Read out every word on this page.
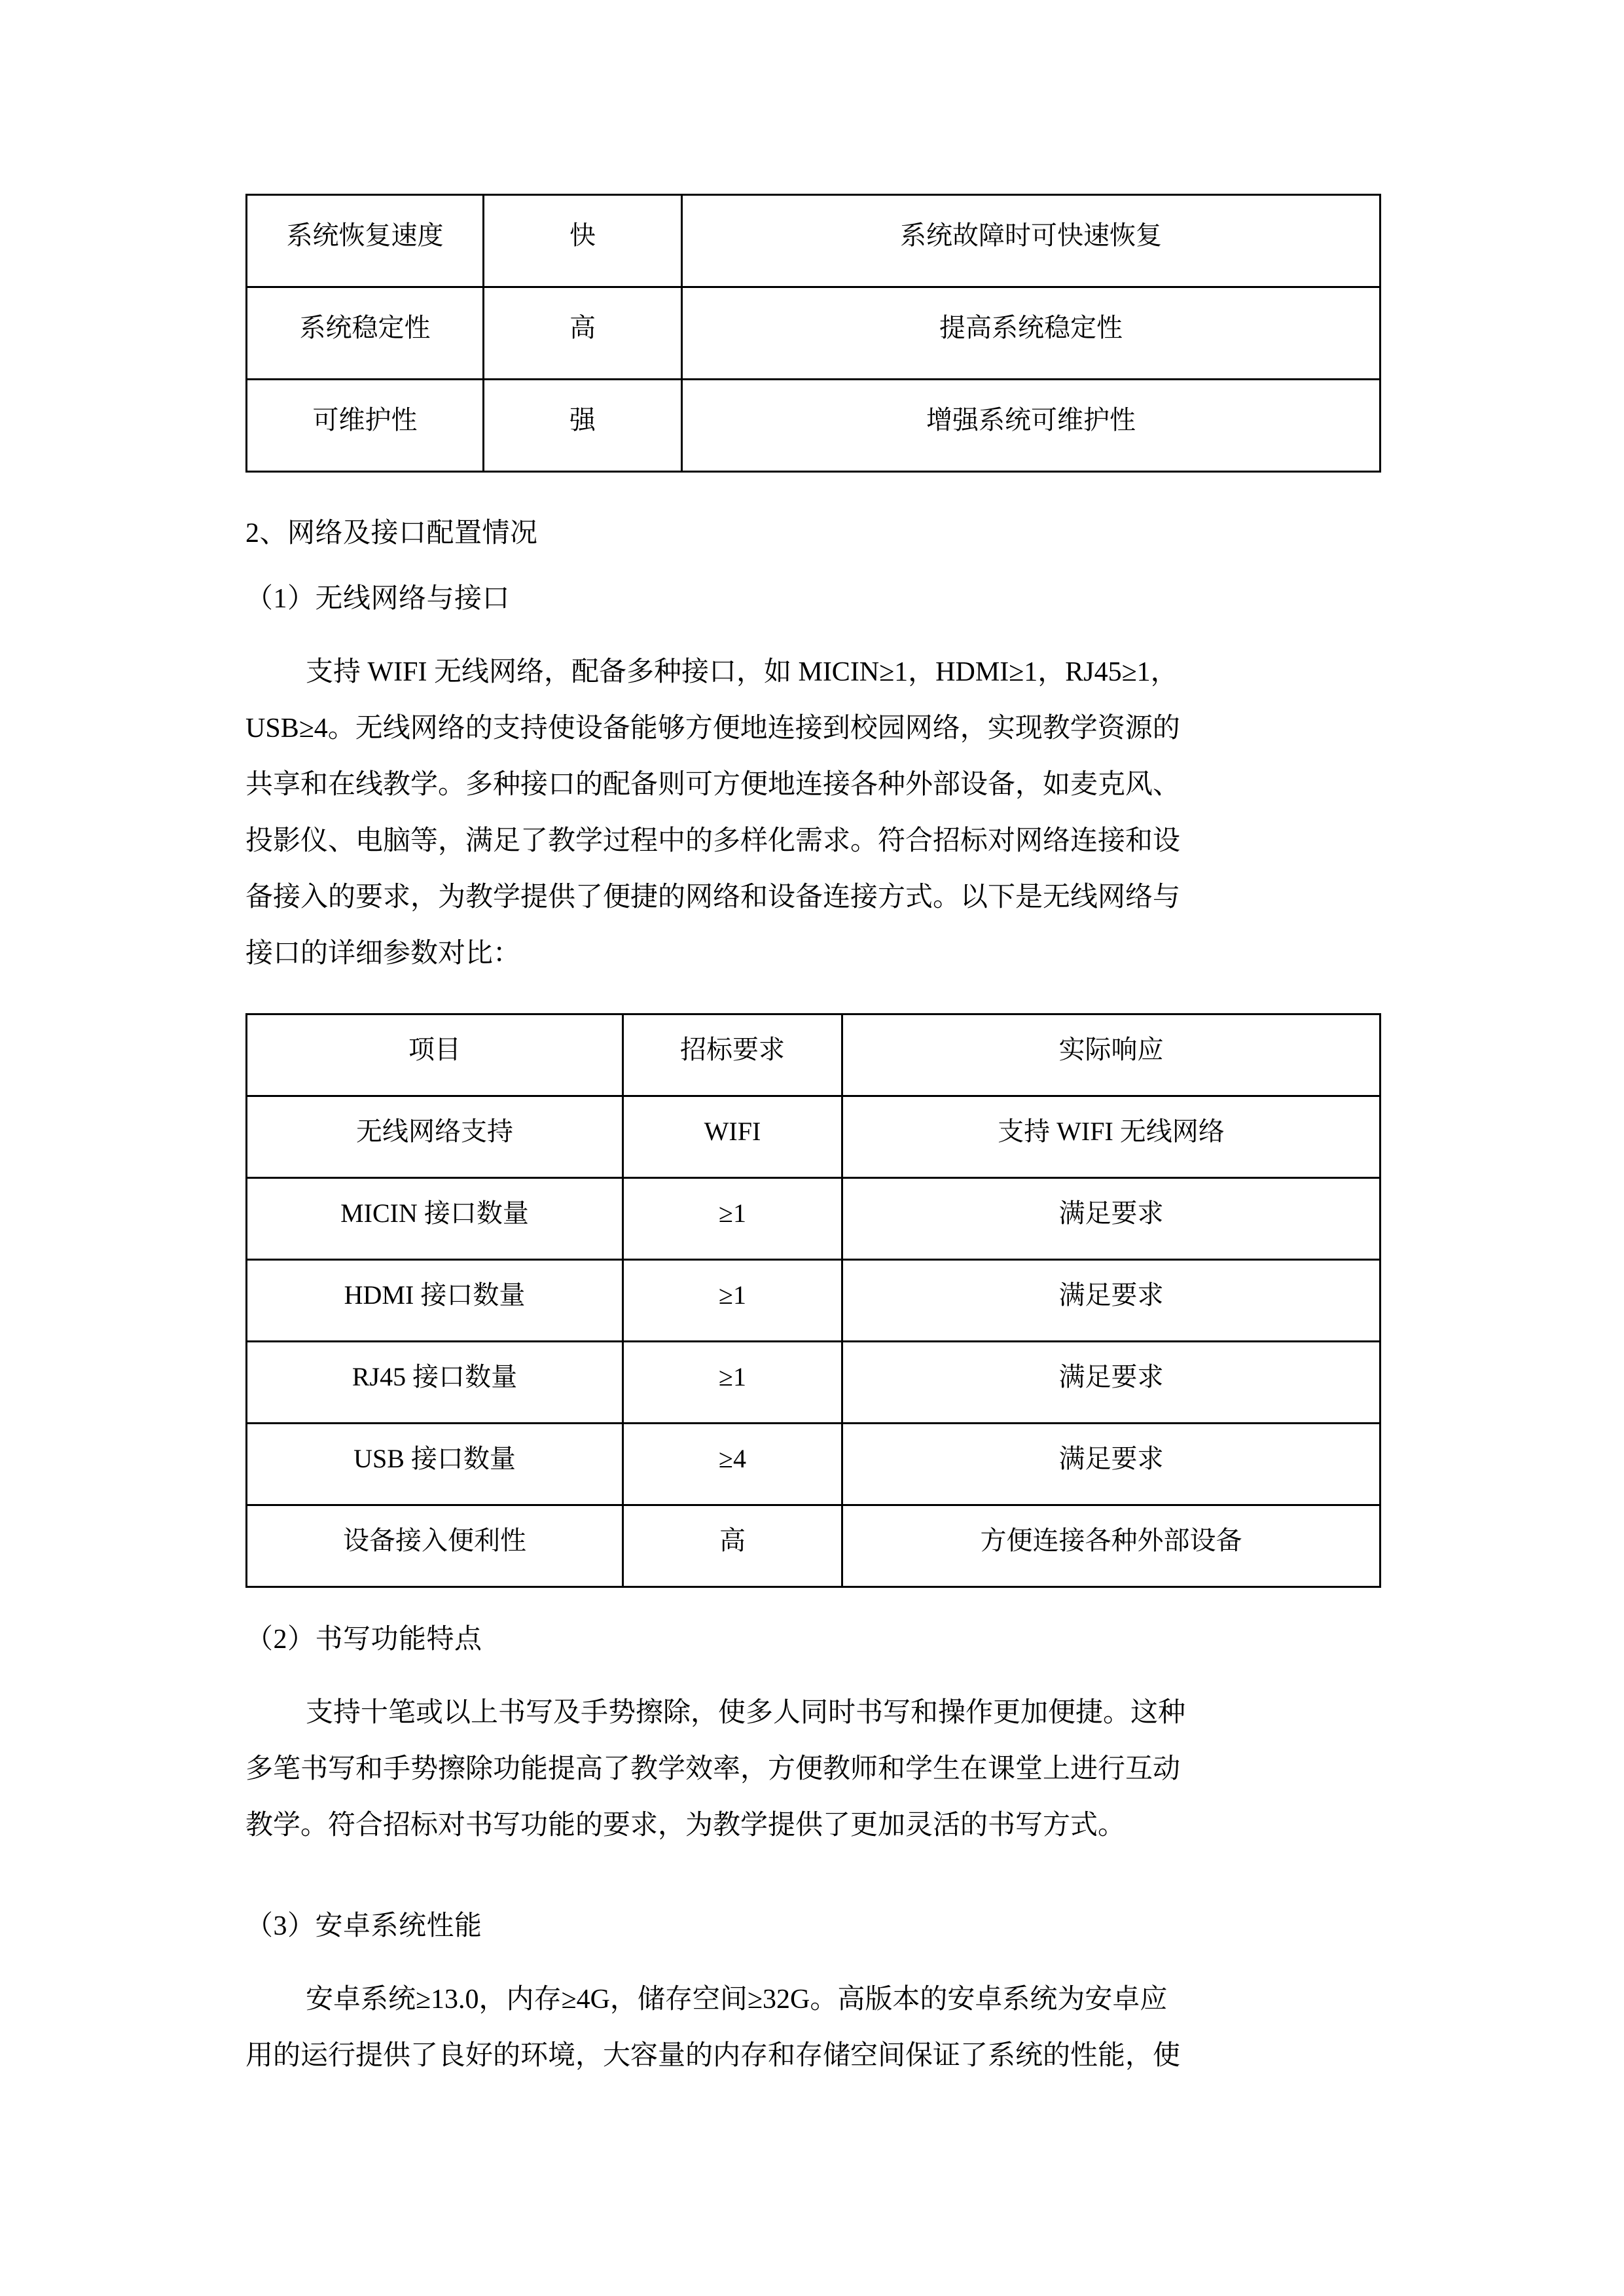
系统恢复速度	快	系统故障时可快速恢复
系统稳定性	高	提高系统稳定性
可维护性	强	增强系统可维护性
2、网络及接口配置情况
（1）无线网络与接口
支持 WIFI 无线网络，配备多种接口，如 MICIN≥1，HDMI≥1，RJ45≥1，
USB≥4。无线网络的支持使设备能够方便地连接到校园网络，实现教学资源的
共享和在线教学。多种接口的配备则可方便地连接各种外部设备，如麦克风、
投影仪、电脑等，满足了教学过程中的多样化需求。符合招标对网络连接和设
备接入的要求，为教学提供了便捷的网络和设备连接方式。以下是无线网络与
接口的详细参数对比：
项目	招标要求	实际响应
无线网络支持	WIFI	支持 WIFI 无线网络
MICIN 接口数量	≥1	满足要求
HDMI 接口数量	≥1	满足要求
RJ45 接口数量	≥1	满足要求
USB 接口数量	≥4	满足要求
设备接入便利性	高	方便连接各种外部设备
（2）书写功能特点
支持十笔或以上书写及手势擦除，使多人同时书写和操作更加便捷。这种
多笔书写和手势擦除功能提高了教学效率，方便教师和学生在课堂上进行互动
教学。符合招标对书写功能的要求，为教学提供了更加灵活的书写方式。
（3）安卓系统性能
安卓系统≥13.0，内存≥4G，储存空间≥32G。高版本的安卓系统为安卓应
用的运行提供了良好的环境，大容量的内存和存储空间保证了系统的性能，使
